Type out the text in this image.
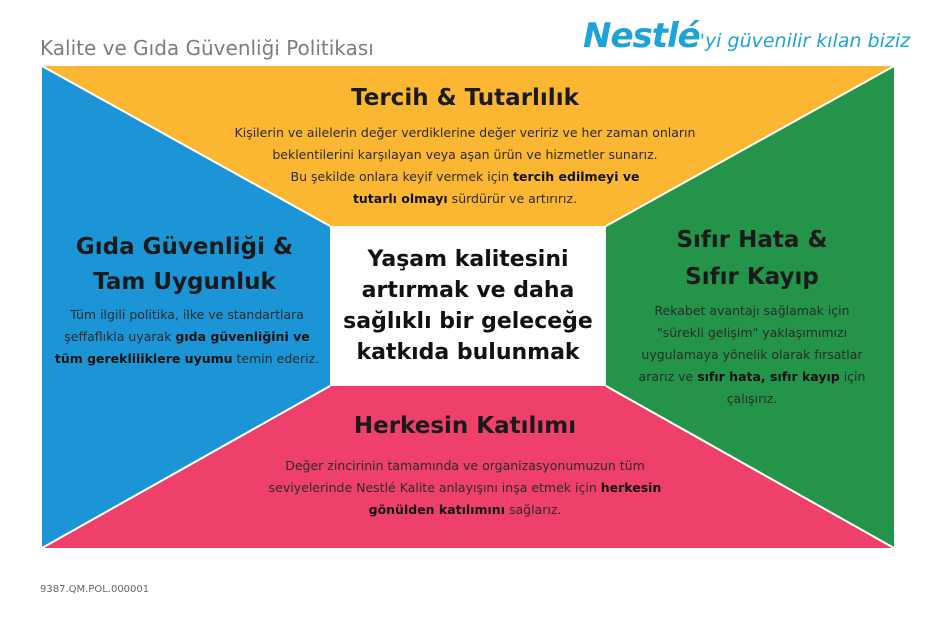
Kalite ve Gıda Güvenliği Politikası	Nestlé'yi güvenilir kılan biziz
Yaşam kalitesini artırmak ve daha sağlıklı bir geleceğe katkıda bulunmak
Tercih & Tutarlılık
Kişilerin ve ailelerin değer verdiklerine değer veririz ve her zaman onların
beklentilerini karşılayan veya aşan ürün ve hizmetler sunarız.
Bu şekilde onlara keyif vermek için tercih edilmeyi ve
tutarlı olmayı sürdürür ve artırırız.
Gıda Güvenliği &
Tam Uygunluk
Tüm ilgili politika, ilke ve standartlara
şeffaflıkla uyarak gıda güvenliğini ve
tüm gerekliliklere uyumu temin ederiz.
Sıfır Hata &
Sıfır Kayıp
Rekabet avantajı sağlamak için
"sürekli gelişim" yaklaşımımızı
uygulamaya yönelik olarak fırsatlar
ararız ve sıfır hata, sıfır kayıp için
çalışırız.
Herkesin Katılımı
Değer zincirinin tamamında ve organizasyonumuzun tüm
seviyelerinde Nestlé Kalite anlayışını inşa etmek için herkesin
gönülden katılımını sağlarız.
9387.QM.POL.000001
